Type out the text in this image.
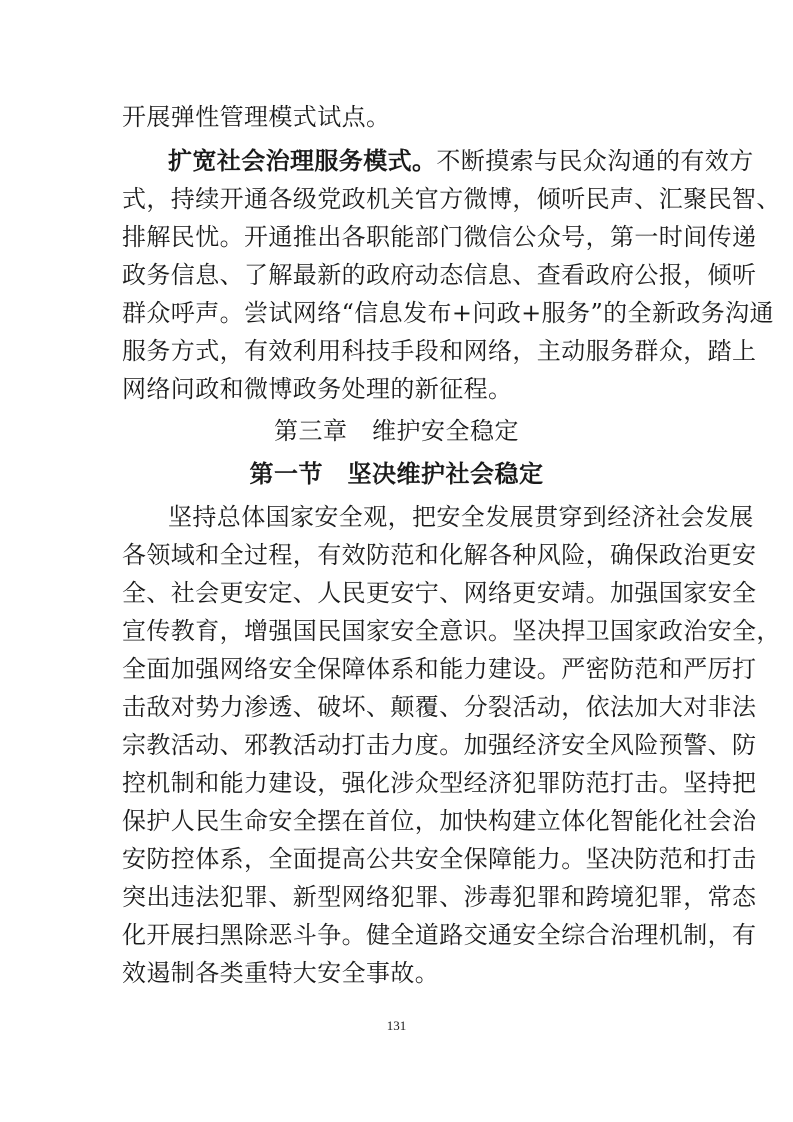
开展弹性管理模式试点。
扩宽社会治理服务模式。不断摸索与民众沟通的有效方
式，持续开通各级党政机关官方微博，倾听民声、汇聚民智、
排解民忧。开通推出各职能部门微信公众号，第一时间传递
政务信息、了解最新的政府动态信息、查看政府公报，倾听
群众呼声。尝试网络“信息发布+问政+服务”的全新政务沟通
服务方式，有效利用科技手段和网络，主动服务群众，踏上
网络问政和微博政务处理的新征程。
第三章　维护安全稳定
第一节　坚决维护社会稳定
坚持总体国家安全观，把安全发展贯穿到经济社会发展
各领域和全过程，有效防范和化解各种风险，确保政治更安
全、社会更安定、人民更安宁、网络更安靖。加强国家安全
宣传教育，增强国民国家安全意识。坚决捍卫国家政治安全，
全面加强网络安全保障体系和能力建设。严密防范和严厉打
击敌对势力渗透、破坏、颠覆、分裂活动，依法加大对非法
宗教活动、邪教活动打击力度。加强经济安全风险预警、防
控机制和能力建设，强化涉众型经济犯罪防范打击。坚持把
保护人民生命安全摆在首位，加快构建立体化智能化社会治
安防控体系，全面提高公共安全保障能力。坚决防范和打击
突出违法犯罪、新型网络犯罪、涉毒犯罪和跨境犯罪，常态
化开展扫黑除恶斗争。健全道路交通安全综合治理机制，有
效遏制各类重特大安全事故。
131
